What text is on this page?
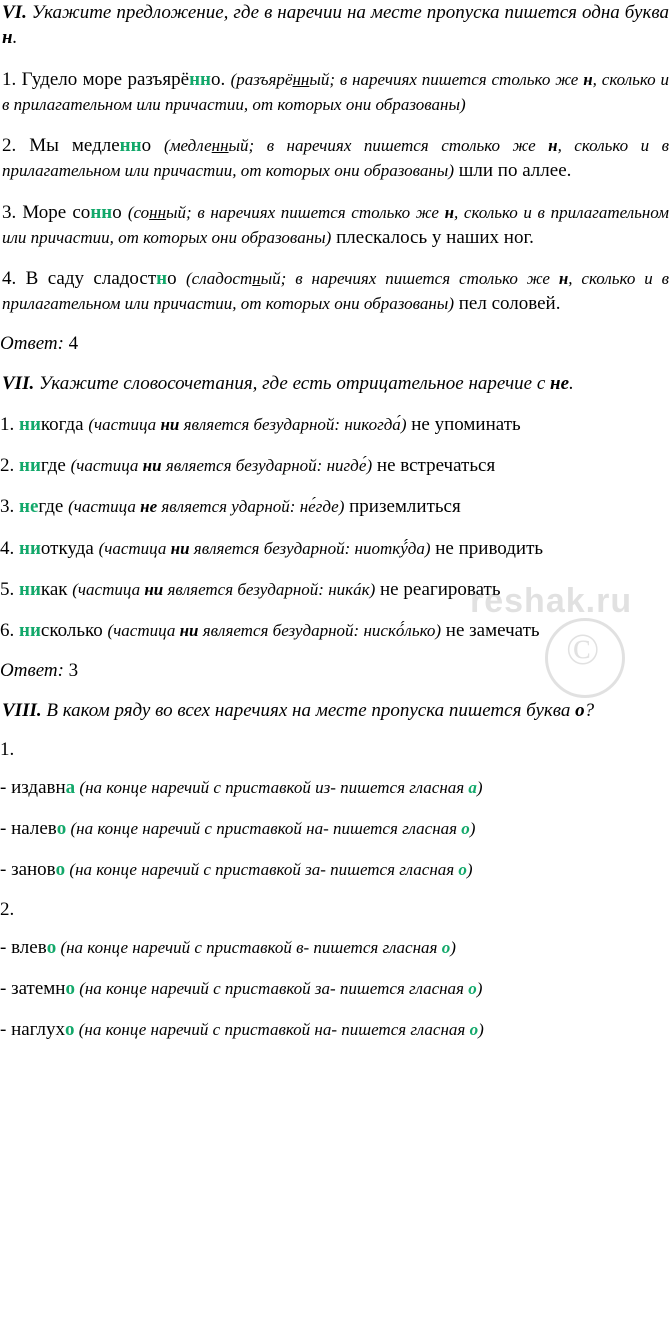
reshak.ru
©
VI. Укажите предложение, где в наречии на месте пропуска пишется одна буква н.
1. Гудело море разъярённо. (разъярённый; в наречиях пишется столько же н, сколько и в прилагательном или причастии, от которых они образованы)
2. Мы медленно (медленный; в наречиях пишется столько же н, сколько и в прилагательном или причастии, от которых они образованы) шли по аллее.
3. Море сонно (сонный; в наречиях пишется столько же н, сколько и в прилагательном или причастии, от которых они образованы) плескалось у наших ног.
4. В саду сладостно (сладостный; в наречиях пишется столько же н, сколько и в прилагательном или причастии, от которых они образованы) пел соловей.
Ответ: 4
VII. Укажите словосочетания, где есть отрицательное наречие с не.
1. никогда (частица ни является безударной: никогда́) не упоминать
2. нигде (частица ни является безударной: нигде́) не встречаться
3. негде (частица не является ударной: не́где) приземлиться
4. ниоткуда (частица ни является безударной: ниоткý́да) не приводить
5. никак (частица ни является безударной: никáк) не реагировать
6. нисколько (частица ни является безударной: нискó́лько) не замечать
Ответ: 3
VIII. В каком ряду во всех наречиях на месте пропуска пишется буква о?
1.
- издавна (на конце наречий с приставкой из- пишется гласная а)
- налево (на конце наречий с приставкой на- пишется гласная о)
- заново (на конце наречий с приставкой за- пишется гласная о)
2.
- влево (на конце наречий с приставкой в- пишется гласная о)
- затемно (на конце наречий с приставкой за- пишется гласная о)
- наглухо (на конце наречий с приставкой на- пишется гласная о)
